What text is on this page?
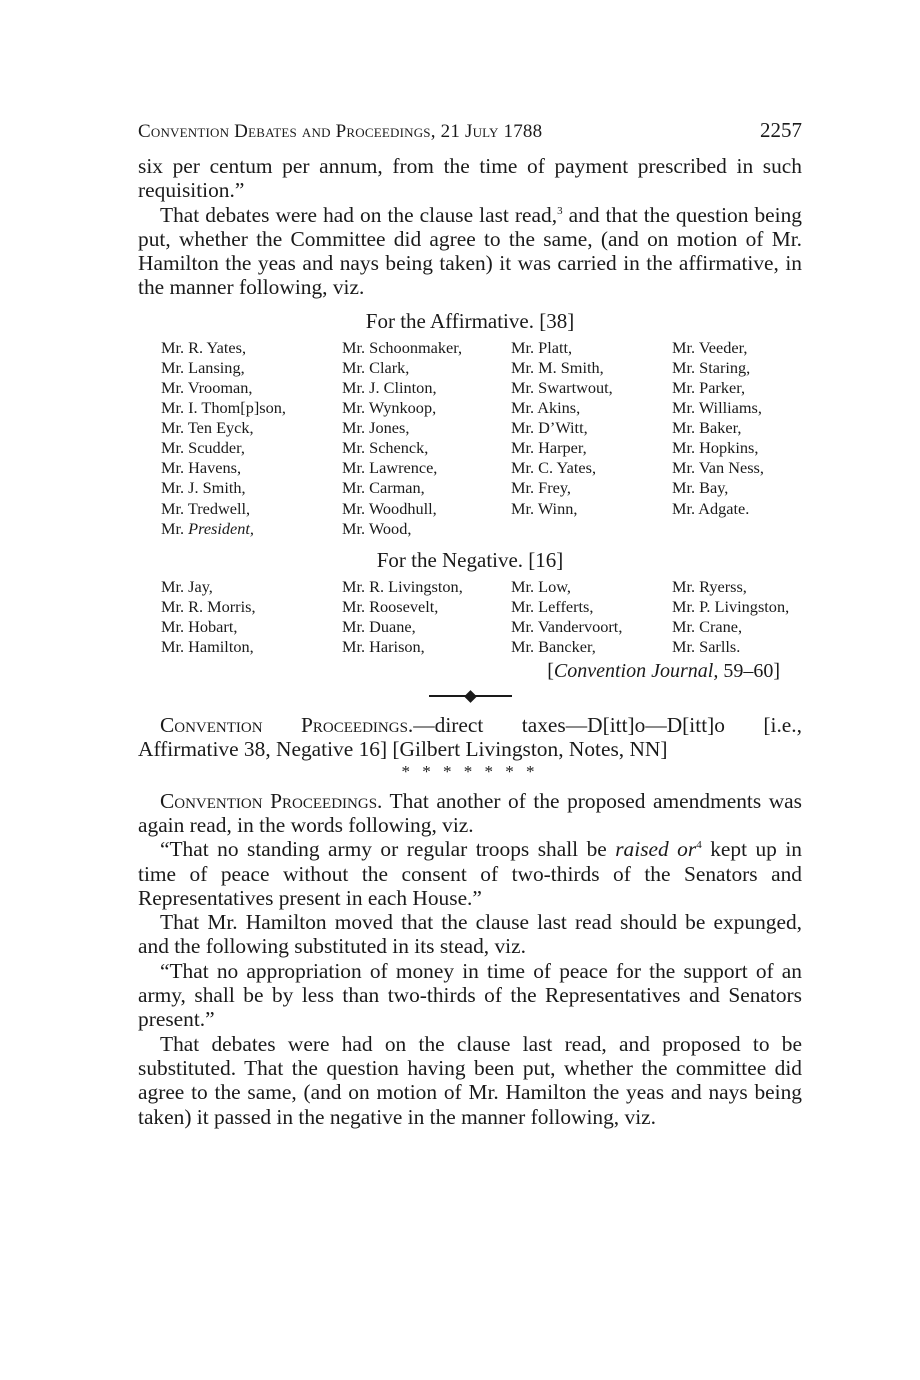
Convention Debates and Proceedings, 21 July 1788	2257

six per centum per annum, from the time of payment prescribed in such requisition.”

That debates were had on the clause last read,$^3$ and that the question being put, whether the Committee did agree to the same, (and on motion of Mr. Hamilton the yeas and nays being taken) it was carried in the affirmative, in the manner following, viz.

For the Affirmative. [38]
Mr. R. Yates,	Mr. Schoonmaker,	Mr. Platt,	Mr. Veeder,
Mr. Lansing,	Mr. Clark,	Mr. M. Smith,	Mr. Staring,
Mr. Vrooman,	Mr. J. Clinton,	Mr. Swartwout,	Mr. Parker,
Mr. I. Thom[p]son,	Mr. Wynkoop,	Mr. Akins,	Mr. Williams,
Mr. Ten Eyck,	Mr. Jones,	Mr. D’Witt,	Mr. Baker,
Mr. Scudder,	Mr. Schenck,	Mr. Harper,	Mr. Hopkins,
Mr. Havens,	Mr. Lawrence,	Mr. C. Yates,	Mr. Van Ness,
Mr. J. Smith,	Mr. Carman,	Mr. Frey,	Mr. Bay,
Mr. Tredwell,	Mr. Woodhull,	Mr. Winn,	Mr. Adgate.
Mr. President,	Mr. Wood,
For the Negative. [16]
Mr. Jay,	Mr. R. Livingston,	Mr. Low,	Mr. Ryerss,
Mr. R. Morris,	Mr. Roosevelt,	Mr. Lefferts,	Mr. P. Livingston,
Mr. Hobart,	Mr. Duane,	Mr. Vandervoort,	Mr. Crane,
Mr. Hamilton,	Mr. Harison,	Mr. Bancker,	Mr. Sarlls.
[Convention Journal, 59–60]

Convention Proceedings.—direct taxes—D[itt]o—D[itt]o [i.e., Affirmative 38, Negative 16] [Gilbert Livingston, Notes, NN]

* * * * * * *

Convention Proceedings. That another of the proposed amendments was again read, in the words following, viz.

“That no standing army or regular troops shall be raised $or^4$ kept up in time of peace without the consent of two-thirds of the Senators and Representatives present in each House.”

That Mr. Hamilton moved that the clause last read should be expunged, and the following substituted in its stead, viz.

“That no appropriation of money in time of peace for the support of an army, shall be by less than two-thirds of the Representatives and Senators present.”

That debates were had on the clause last read, and proposed to be substituted. That the question having been put, whether the committee did agree to the same, (and on motion of Mr. Hamilton the yeas and nays being taken) it passed in the negative in the manner following, viz.
